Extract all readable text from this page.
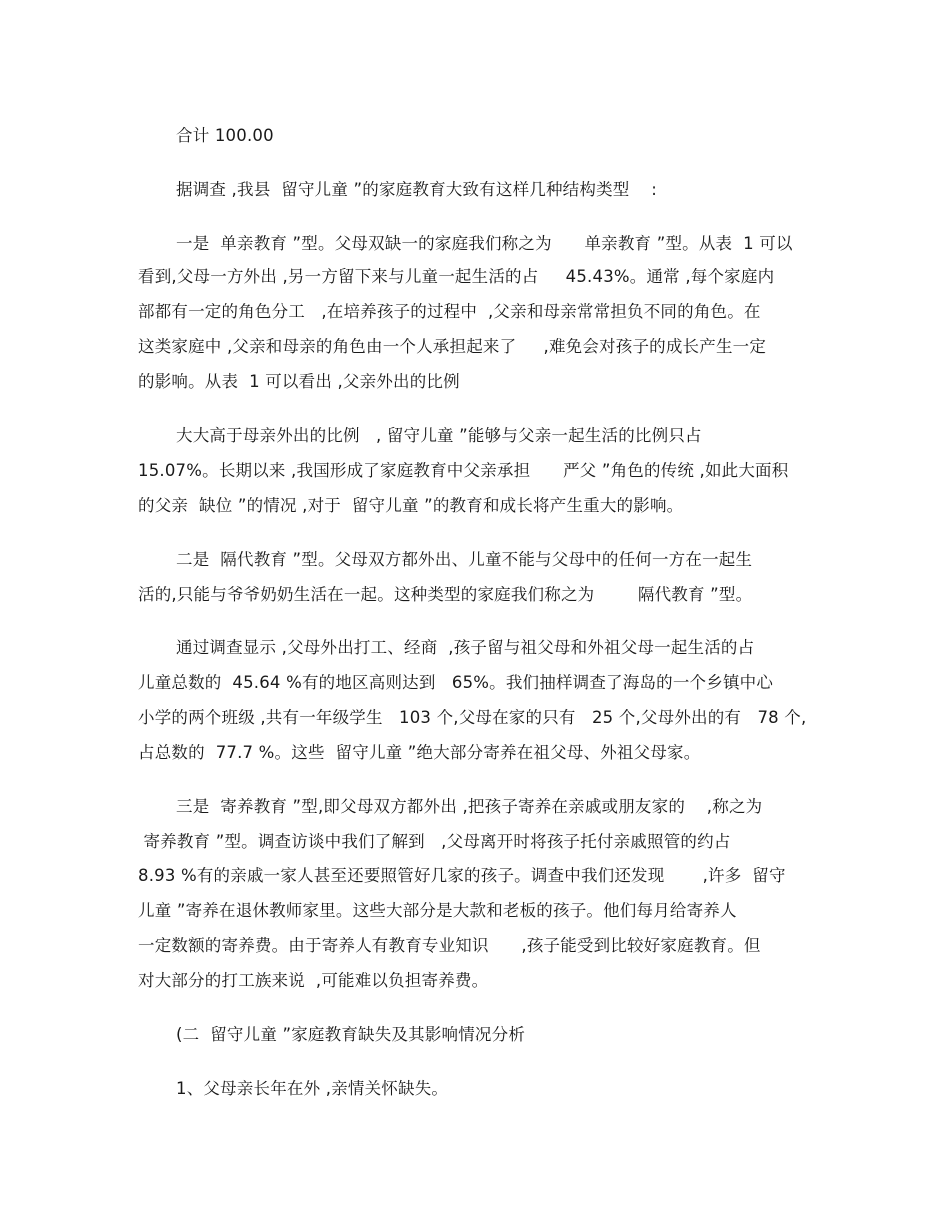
合计 100.00
据调查 ,我县  留守儿童 ”的家庭教育大致有这样几种结构类型    :
一是  单亲教育 ”型。父母双缺一的家庭我们称之为      单亲教育 ”型。从表  1 可以
看到,父母一方外出 ,另一方留下来与儿童一起生活的占     45.43%。通常 ,每个家庭内
部都有一定的角色分工   ,在培养孩子的过程中  ,父亲和母亲常常担负不同的角色。在
这类家庭中 ,父亲和母亲的角色由一个人承担起来了     ,难免会对孩子的成长产生一定
的影响。从表  1 可以看出 ,父亲外出的比例
大大高于母亲外出的比例   , 留守儿童 ”能够与父亲一起生活的比例只占
15.07%。长期以来 ,我国形成了家庭教育中父亲承担      严父 ”角色的传统 ,如此大面积
的父亲  缺位 ”的情况 ,对于  留守儿童 ”的教育和成长将产生重大的影响。
二是  隔代教育 ”型。父母双方都外出、儿童不能与父母中的任何一方在一起生
活的,只能与爷爷奶奶生活在一起。这种类型的家庭我们称之为        隔代教育 ”型。
通过调查显示 ,父母外出打工、经商  ,孩子留与祖父母和外祖父母一起生活的占
儿童总数的  45.64 %有的地区高则达到   65%。我们抽样调查了海岛的一个乡镇中心
小学的两个班级 ,共有一年级学生   103 个,父母在家的只有   25 个,父母外出的有   78 个,
占总数的  77.7 %。这些  留守儿童 ”绝大部分寄养在祖父母、外祖父母家。
三是  寄养教育 ”型,即父母双方都外出 ,把孩子寄养在亲戚或朋友家的    ,称之为
寄养教育 ”型。调查访谈中我们了解到   ,父母离开时将孩子托付亲戚照管的约占
8.93 %有的亲戚一家人甚至还要照管好几家的孩子。调查中我们还发现       ,许多  留守
儿童 ”寄养在退休教师家里。这些大部分是大款和老板的孩子。他们每月给寄养人
一定数额的寄养费。由于寄养人有教育专业知识      ,孩子能受到比较好家庭教育。但
对大部分的打工族来说  ,可能难以负担寄养费。
(二  留守儿童 ”家庭教育缺失及其影响情况分析
1、父母亲长年在外 ,亲情关怀缺失。
